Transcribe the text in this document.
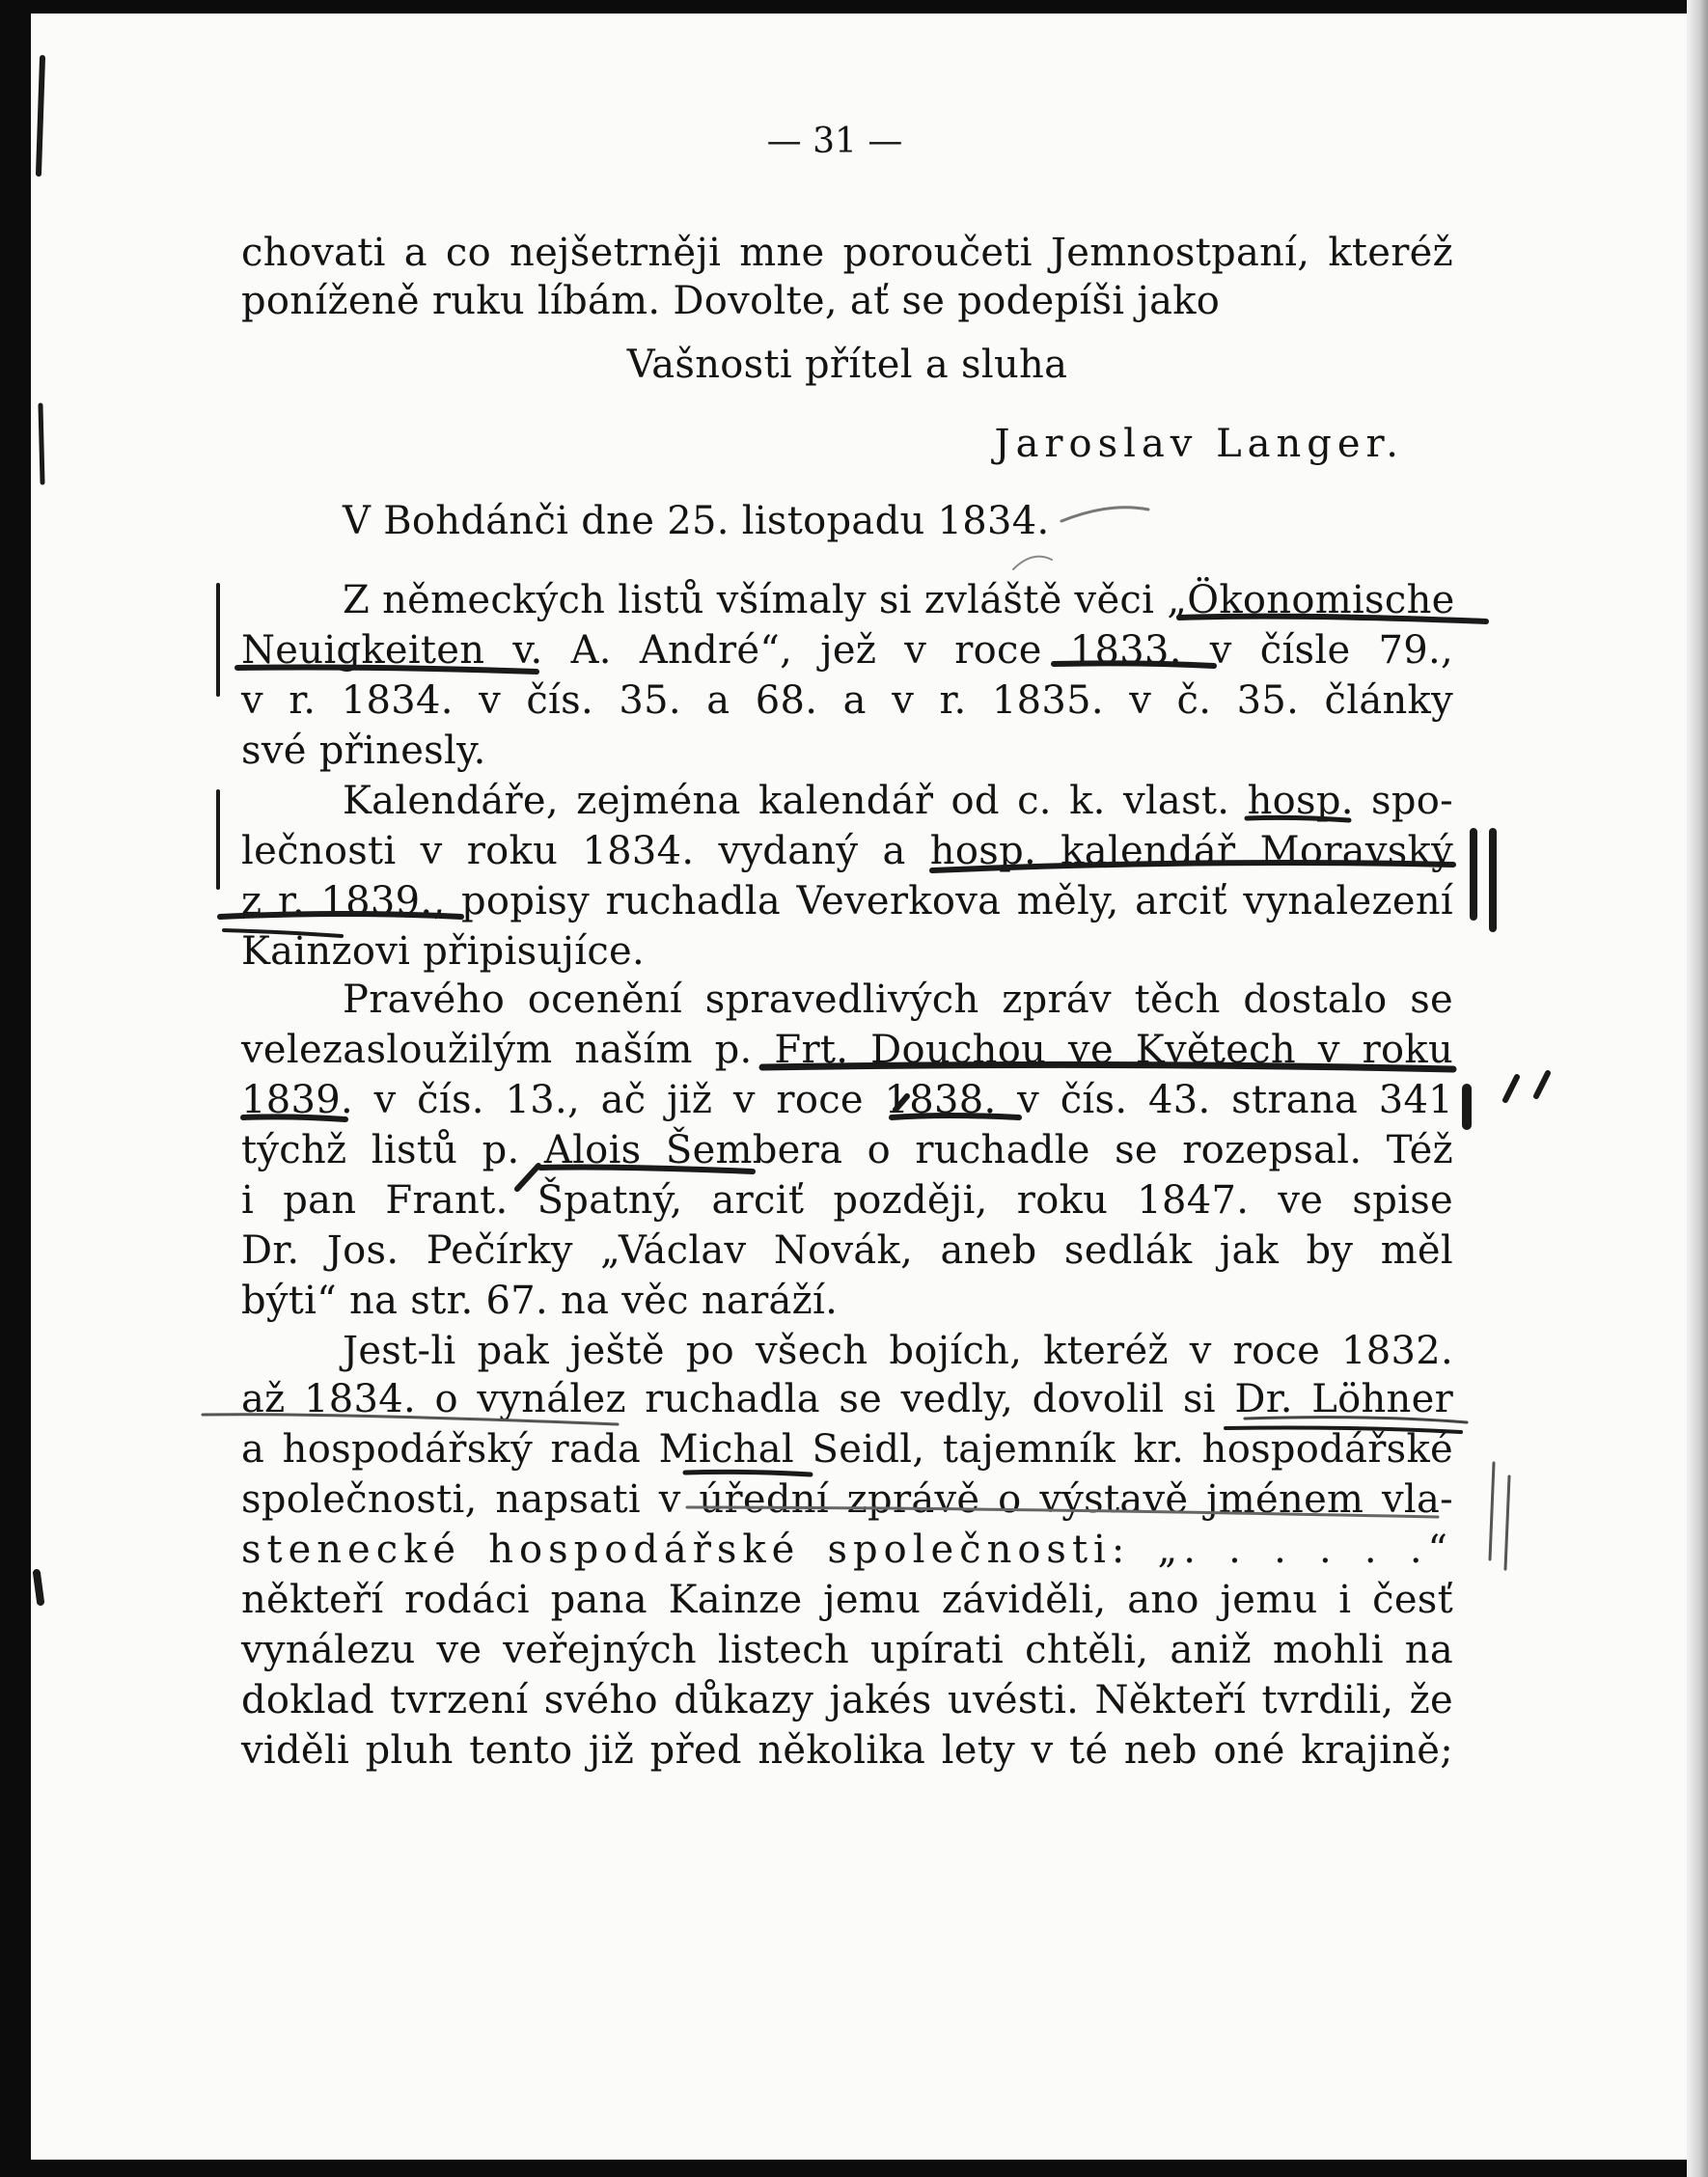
— 31 —
chovati a co nejšetrněji mne poroučeti Jemnostpaní, kteréž
poníženě ruku líbám. Dovolte, ať se podepíši jako
Vašnosti přítel a sluha
Jaroslav Langer.
V Bohdánči dne 25. listopadu 1834.
Z německých listů všímaly si zvláště věci „Ökonomische
Neuigkeiten v. A. André“, jež v roce 1833. v čísle 79.,
v r. 1834. v čís. 35. a 68. a v r. 1835. v č. 35. články
své přinesly.
Kalendáře, zejména kalendář od c. k. vlast. hosp. spo-
lečnosti v roku 1834. vydaný a hosp. kalendář Moravský
z r. 1839., popisy ruchadla Veverkova měly, arciť vynalezení
Kainzovi připisujíce.
Pravého ocenění spravedlivých zpráv těch dostalo se
velezasloužilým naším p. Frt. Douchou ve Květech v roku
1839. v čís. 13., ač již v roce 1838. v čís. 43. strana 341
týchž listů p. Alois Šembera o ruchadle se rozepsal. Též
i pan Frant. Špatný, arciť později, roku 1847. ve spise
Dr. Jos. Pečírky „Václav Novák, aneb sedlák jak by měl
býti“ na str. 67. na věc naráží.
Jest-li pak ještě po všech bojích, kteréž v roce 1832.
až 1834. o vynález ruchadla se vedly, dovolil si Dr. Löhner
a hospodářský rada Michal Seidl, tajemník kr. hospodářské
společnosti, napsati v úřední zprávě o výstavě jménem vla-
stenecké hospodářské společnosti: „. . . . . .“
někteří rodáci pana Kainze jemu záviděli, ano jemu i česť
vynálezu ve veřejných listech upírati chtěli, aniž mohli na
doklad tvrzení svého důkazy jakés uvésti. Někteří tvrdili, že
viděli pluh tento již před několika lety v té neb oné krajině;
